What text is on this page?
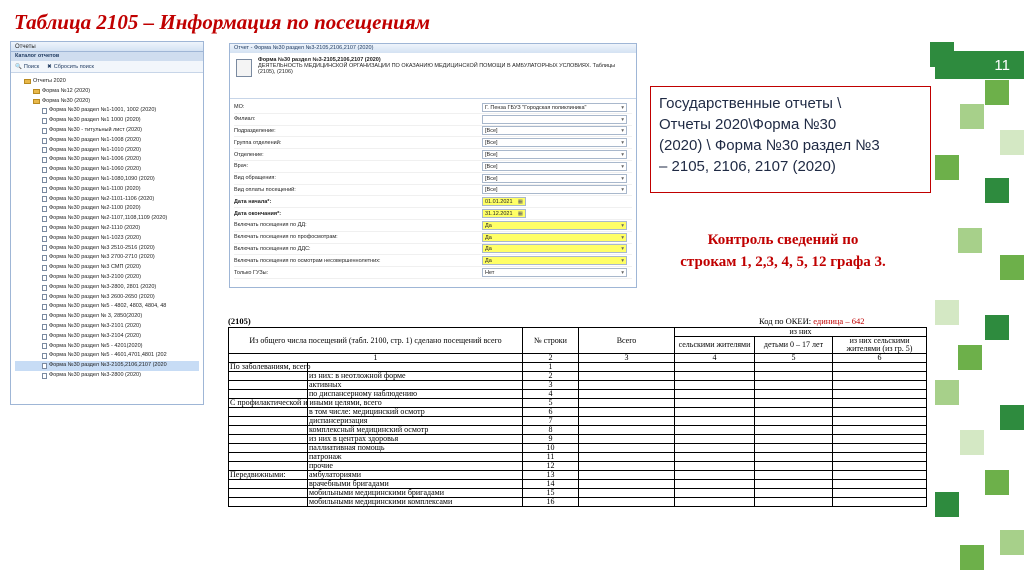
Таблица 2105 – Информация по посещениям
11
Отчеты
Каталог отчетов
🔍 Поиск ✖ Сбросить поиск
Отчеты 2020
Форма №12 (2020)
Форма №30 (2020)
Форма №30 раздел №1-1001, 1002 (2020)
Форма №30 раздел №1 1000 (2020)
Форма №30 - титульный лист (2020)
Форма №30 раздел №1-1008 (2020)
Форма №30 раздел №1-1010 (2020)
Форма №30 раздел №1-1006 (2020)
Форма №30 раздел №1-1060 (2020)
Форма №30 раздел №1-1080,1090 (2020)
Форма №30 раздел №1-1100 (2020)
Форма №30 раздел №2-1101-1106 (2020)
Форма №30 раздел №2-1100 (2020)
Форма №30 раздел №2-1107,1108,1109 (2020)
Форма №30 раздел №2-1110 (2020)
Форма №30 раздел №1-1023 (2020)
Форма №30 раздел №3 2510-2516 (2020)
Форма №30 раздел №3 2700-2710 (2020)
Форма №30 раздел №3 СМП (2020)
Форма №30 раздел №3-2100 (2020)
Форма №30 раздел №3-2800, 2801 (2020)
Форма №30 раздел №3 2600-2650 (2020)
Форма №30 раздел №5 - 4802, 4803, 4804, 48
Форма №30 раздел № 3, 2850(2020)
Форма №30 раздел №3-2101 (2020)
Форма №30 раздел №3-2104 (2020)
Форма №30 раздел №5 - 4201(2020)
Форма №30 раздел №5 - 4601,4701,4801 (202
Форма №30 раздел №3-2105,2106,2107 (2020
Форма №30 раздел №3-2800 (2020)
Отчет - Форма №30 раздел №3-2105,2106,2107 (2020)
Форма №30 раздел №3-2105,2106,2107 (2020)
ДЕЯТЕЛЬНОСТЬ МЕДИЦИНСКОЙ ОРГАНИЗАЦИИ ПО ОКАЗАНИЮ МЕДИЦИНСКОЙ ПОМОЩИ В АМБУЛАТОРНЫХ УСЛОВИЯХ. Таблицы (2105), (2106)
МО:	Г. Пенза ГБУЗ "Городская поликлиника"	▾
Филиал:	▾
Подразделение:	[Все]	▾
Группа отделений:	[Все]	▾
Отделение:	[Все]	▾
Врач:	[Все]	▾
Вид обращения:	[Все]	▾
Вид оплаты посещений:	[Все]	▾
Дата начала*:	01.01.2021 ▦
Дата окончания*:	31.12.2021 ▦
Включать посещения по ДД:	Да	▾
Включать посещения по профосмотрам:	Да	▾
Включать посещения по ДДС:	Да	▾
Включать посещения по осмотрам несовершеннолетних:	Да	▾
Только ГУЗы:	Нет	▾
Государственные отчеты \
Отчеты 2020\Форма №30
(2020) \ Форма №30 раздел №3
– 2105, 2106, 2107 (2020)
Контроль сведений по
строкам 1, 2,3, 4, 5, 12 графа 3.
(2105)	Код по ОКЕИ: единица – 642
Из общего числа посещений (табл. 2100, стр. 1) сделано посещений всего		№ строки	Всего	из них		
				сельскими жителями	детьми 0 – 17 лет	из них сельскими жителями (из гр. 5)
1		2	3	4	5	6
По заболеваниям, всего		1				
	из них: в неотложной форме	2				
	активных	3				
	по диспансерному наблюдению	4				
С профилактической и иными целями, всего		5				
	в том числе: медицинский осмотр	6				
	диспансеризация	7				
	комплексный медицинский осмотр	8				
	из них в центрах здоровья	9				
	паллиативная помощь	10				
	патронаж	11				
	прочие	12				
Передвижными:	амбулаториями	13				
	врачебными бригадами	14				
	мобильными медицинскими бригадами	15				
	мобильными медицинскими комплексами	16				
